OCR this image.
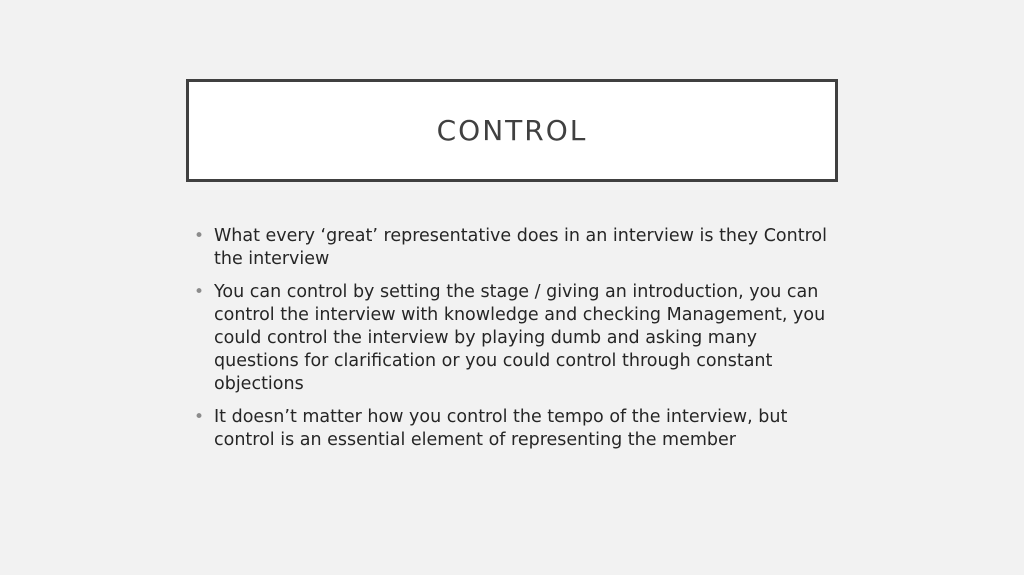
CONTROL
• What every ‘great’ representative does in an interview is they Control the interview
• You can control by setting the stage / giving an introduction, you can control the interview with knowledge and checking Management, you could control the interview by playing dumb and asking many questions for clarification or you could control through constant objections
• It doesn’t matter how you control the tempo of the interview, but control is an essential element of representing the member
